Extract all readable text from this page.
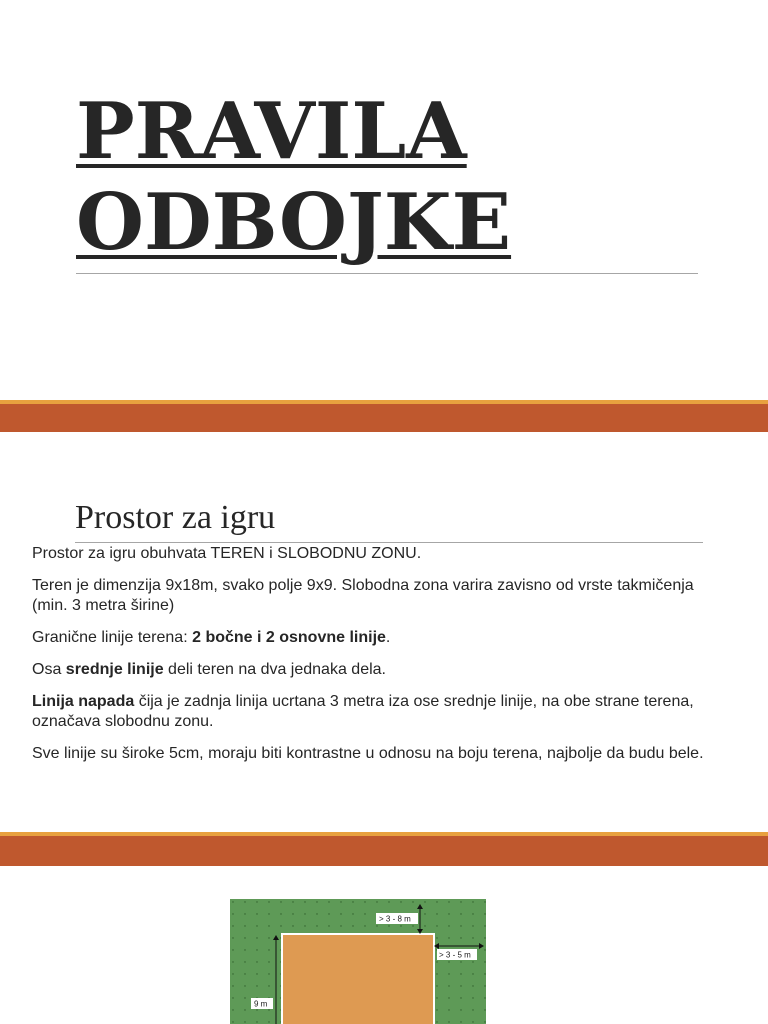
PRAVILA
ODBOJKE
Prostor za igru

Prostor za igru obuhvata TEREN i SLOBODNU ZONU.

Teren je dimenzija 9x18m, svako polje 9x9. Slobodna zona varira zavisno od vrste takmičenja (min. 3 metra širine)

Granične linije terena: 2 bočne i 2 osnovne linije.

Osa srednje linije deli teren na dva jednaka dela.

Linija napada čija je zadnja linija ucrtana 3 metra iza ose srednje linije, na obe strane terena, označava slobodnu zonu.

Sve linije su široke 5cm, moraju biti kontrastne u odnosu na boju terena, najbolje da budu bele.

> 3 - 8 m
> 3 - 5 m
9 m
